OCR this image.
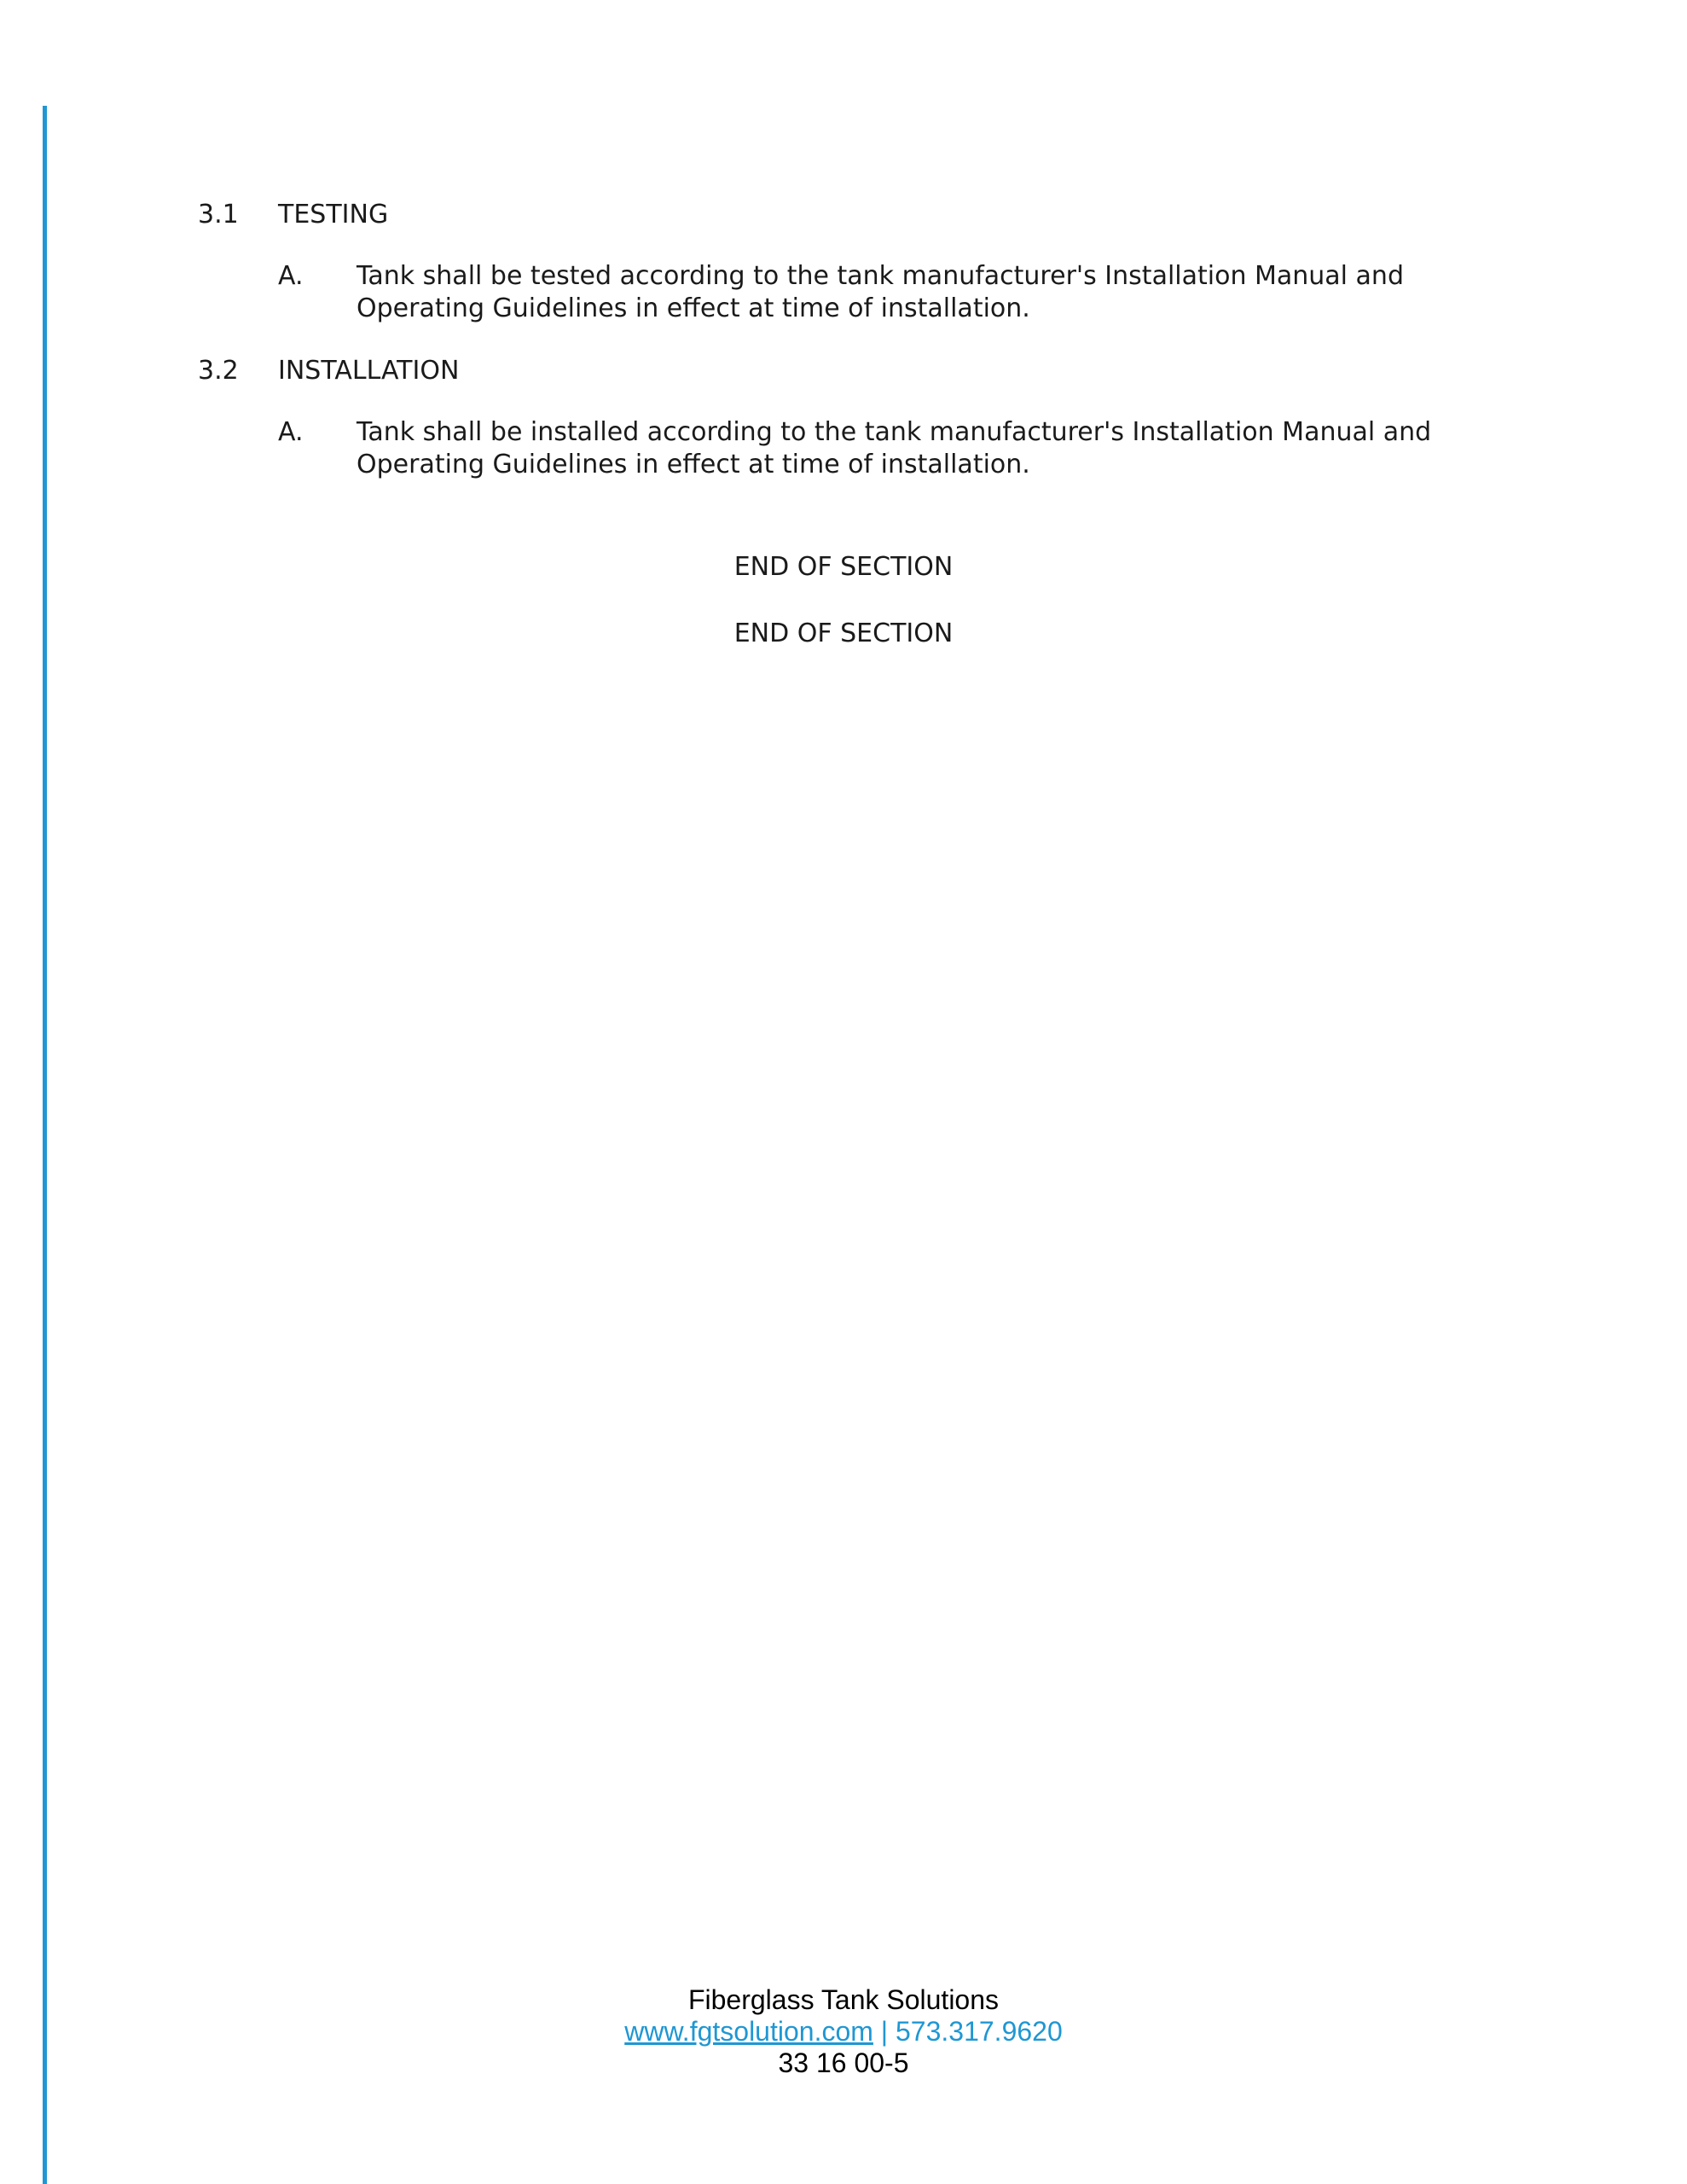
3.1 TESTING
A. Tank shall be tested according to the tank manufacturer's Installation Manual and Operating Guidelines in effect at time of installation.
3.2 INSTALLATION
A. Tank shall be installed according to the tank manufacturer's Installation Manual and Operating Guidelines in effect at time of installation.
END OF SECTION
END OF SECTION
Fiberglass Tank Solutions
www.fgtsolution.com | 573.317.9620
33 16 00-5
